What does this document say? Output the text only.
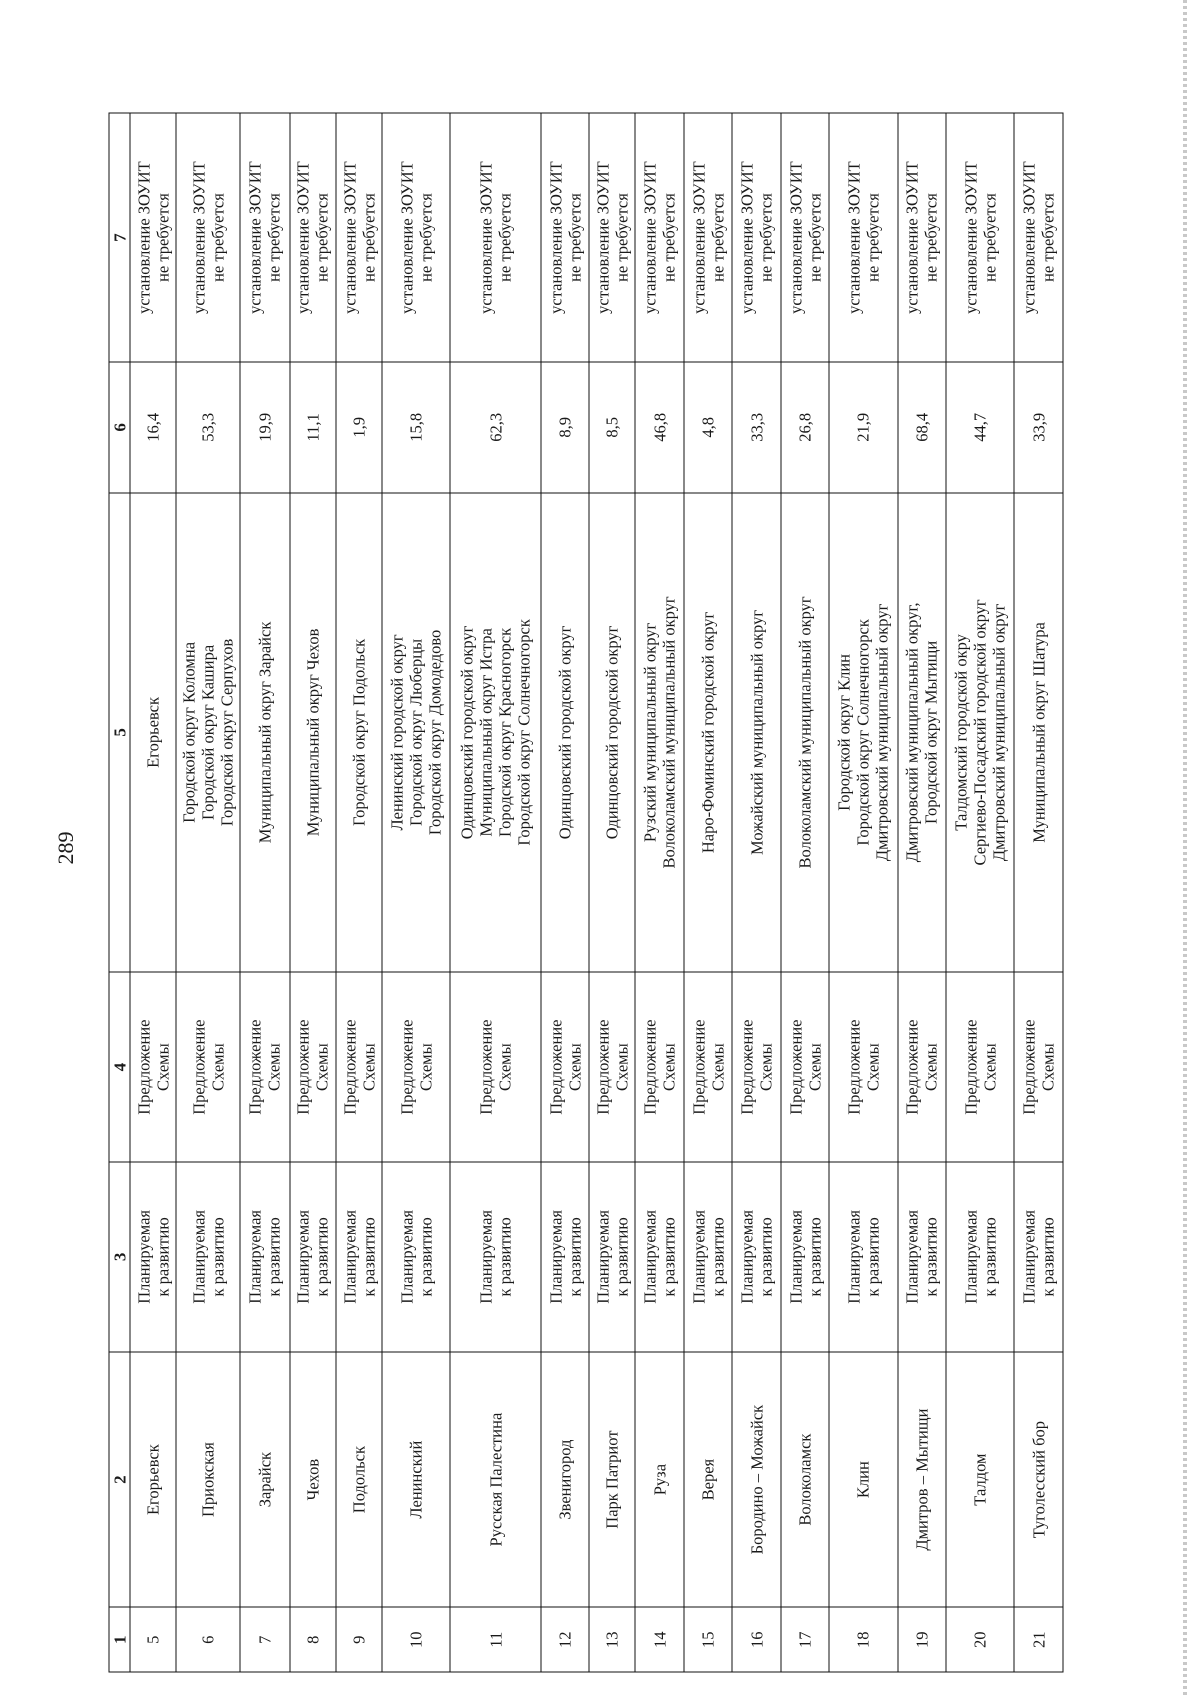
289
1	2	3	4	5	6	7
5	Егорьевск	Планируемая к развитию	Предложение Схемы	Егорьевск	16,4	установление ЗОУИТ не требуется

6	Приокская	Планируемая к развитию	Предложение Схемы	Городской округ Коломна Городской округ Кашира Городской округ Серпухов	53,3	установление ЗОУИТ не требуется

7	Зарайск	Планируемая к развитию	Предложение Схемы	Муниципальный округ Зарайск	19,9	установление ЗОУИТ не требуется

8	Чехов	Планируемая к развитию	Предложение Схемы	Муниципальный округ Чехов	11,1	установление ЗОУИТ не требуется

9	Подольск	Планируемая к развитию	Предложение Схемы	Городской округ Подольск	1,9	установление ЗОУИТ не требуется

10	Ленинский	Планируемая к развитию	Предложение Схемы	Ленинский городской округ Городской округ Люберцы Городской округ Домодедово	15,8	установление ЗОУИТ не требуется

11	Русская Палестина	Планируемая к развитию	Предложение Схемы	Одинцовский городской округ Муниципальный округ Истра Городской округ Красногорск Городской округ Солнечногорск	62,3	установление ЗОУИТ не требуется

12	Звенигород	Планируемая к развитию	Предложение Схемы	Одинцовский городской округ	8,9	установление ЗОУИТ не требуется

13	Парк Патриот	Планируемая к развитию	Предложение Схемы	Одинцовский городской округ	8,5	установление ЗОУИТ не требуется

14	Руза	Планируемая к развитию	Предложение Схемы	Рузский муниципальный округ Волоколамский муниципальный округ	46,8	установление ЗОУИТ не требуется

15	Верея	Планируемая к развитию	Предложение Схемы	Наро-Фоминский городской округ	4,8	установление ЗОУИТ не требуется

16	Бородино – Можайск	Планируемая к развитию	Предложение Схемы	Можайский муниципальный округ	33,3	установление ЗОУИТ не требуется

17	Волоколамск	Планируемая к развитию	Предложение Схемы	Волоколамский муниципальный округ	26,8	установление ЗОУИТ не требуется

18	Клин	Планируемая к развитию	Предложение Схемы	Городской округ Клин Городской округ Солнечногорск Дмитровский муниципальный округ	21,9	установление ЗОУИТ не требуется

19	Дмитров – Мытищи	Планируемая к развитию	Предложение Схемы	Дмитровский муниципальный округ, Городской округ Мытищи	68,4	установление ЗОУИТ не требуется

20	Талдом	Планируемая к развитию	Предложение Схемы	Талдомский городской окру Сергиево-Посадский городской округ Дмитровский муниципальный округ	44,7	установление ЗОУИТ не требуется

21	Туголесский бор	Планируемая к развитию	Предложение Схемы	Муниципальный округ Шатура	33,9	установление ЗОУИТ не требуется
